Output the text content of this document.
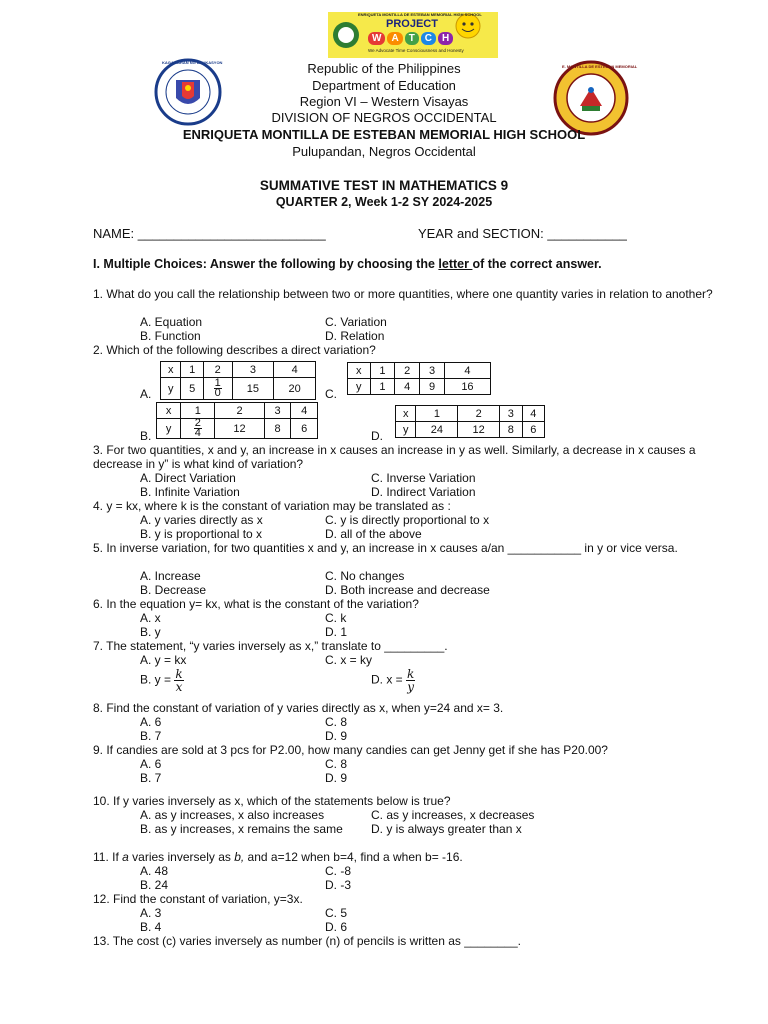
ENRIQUETA MONTILLA DE ESTEBAN MEMORIAL HIGH SCHOOL
PROJECT
W	A	T	C	H
We Advocate Time Consciousness and Honesty
KAGAWARAN NG EDUKASYON
E. MONTILLA DE ESTEBAN MEMORIAL
Republic of the Philippines
Department of Education
Region VI – Western Visayas
DIVISION OF NEGROS OCCIDENTAL
ENRIQUETA MONTILLA DE ESTEBAN MEMORIAL HIGH SCHOOL
Pulupandan, Negros Occidental
SUMMATIVE TEST IN MATHEMATICS 9
QUARTER 2, Week 1-2 SY 2024-2025
NAME: __________________________	YEAR and SECTION: ___________
I. Multiple Choices: Answer the following by choosing the letter of the correct answer.
1. What do you call the relationship between two or more quantities, where one quantity varies in relation to another?
A. Equation	C. Variation
B. Function	D. Relation
2. Which of the following describes a direct variation?
A.
x	1	2	3	4
y	5	$\frac{1}{0}$	15	20 C.
x	1	2	3	4
y	1	4	9	16
B.
x	1	2	3	4
y	$\frac{2}{4}$	12	8	6
D.
x	1	2	3	4
y	24	12	8	6
3. For two quantities, x and y, an increase in x causes an increase in y as well. Similarly, a decrease in x causes a decrease in y” is what kind of variation?
A. Direct Variation	C. Inverse Variation
B. Infinite Variation	D. Indirect Variation
4. y = kx, where k is the constant of variation may be translated as :
A. y varies directly as x	C. y is directly proportional to x
B. y is proportional to x	D. all of the above
5. In inverse variation, for two quantities x and y, an increase in x causes a/an ___________ in y or vice versa.
A. Increase	C. No changes
B. Decrease	D. Both increase and decrease
6. In the equation y= kx, what is the constant of the variation?
A. x	C. k
B. y	D. 1
7. The statement, “y varies inversely as x,” translate to _________.
A. y = kx	C. x = ky
B. $y = \frac{k}{x}$	D. $x = \frac{k}{y}$
8. Find the constant of variation of y varies directly as x, when y=24 and x= 3.
A. 6	C. 8
B. 7	D. 9
9. If candies are sold at 3 pcs for P2.00, how many candies can get Jenny get if she has P20.00?
A. 6	C. 8
B. 7	D. 9
10. If y varies inversely as x, which of the statements below is true?
A. as y increases, x also increases	C. as y increases, x decreases
B. as y increases, x remains the same D. y is always greater than x
11. If a varies inversely as b, and a=12 when b=4, find a when b= -16.
A. 48	C. -8
B. 24	D. -3
12. Find the constant of variation, y=3x.
A. 3	C. 5
B. 4	D. 6
13. The cost (c) varies inversely as number (n) of pencils is written as ________.
